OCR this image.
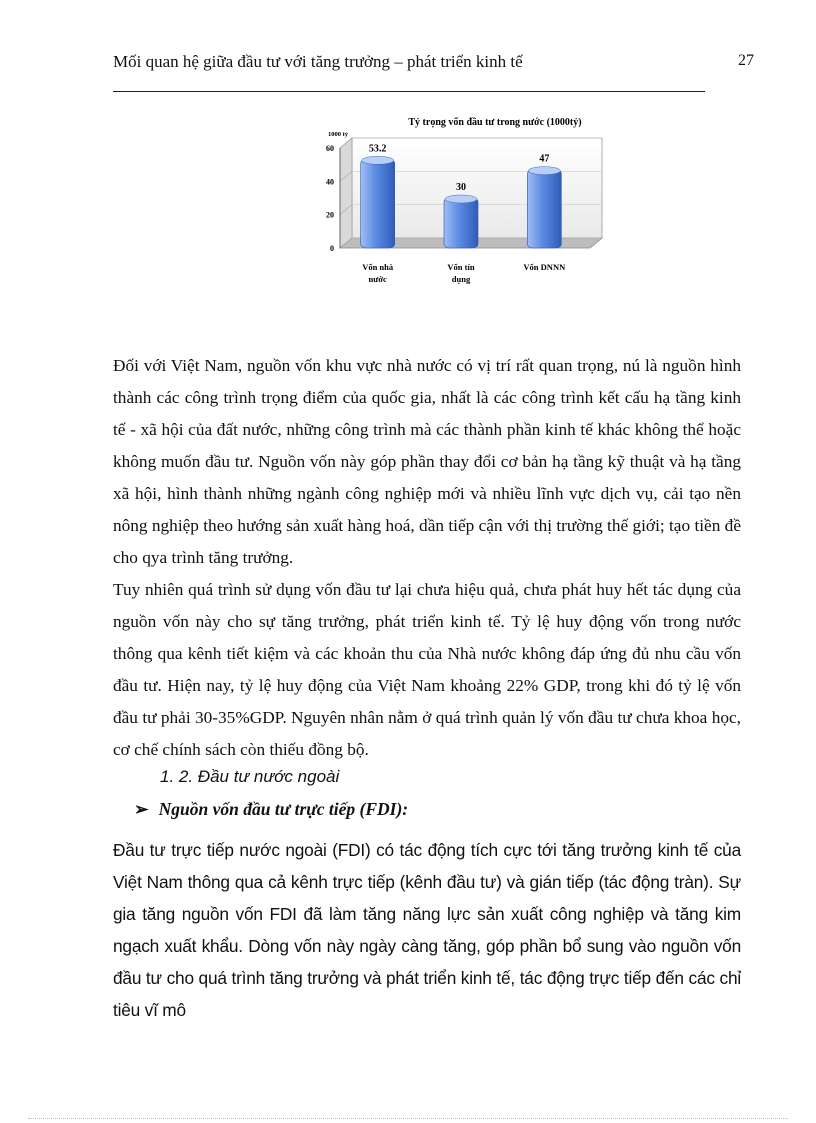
Mối quan hệ giữa đầu tư với tăng trưởng – phát triển kinh tế	27
Tỷ trọng vốn đầu tư trong nước (1000tỷ)
1000 tỷ
0
20
40
60	53.2
Vốn nhà nước
30
Vốn tín dụng
47
Vốn DNNN

Đối với Việt Nam, nguồn vốn khu vực nhà nước có vị trí rất quan trọng, nú là nguồn hình thành các công trình trọng điểm của quốc gia, nhất là các công trình kết cấu hạ tầng kinh tế - xã hội của đất nước, những công trình mà các thành phần kinh tế khác không thể hoặc không muốn đầu tư. Nguồn vốn này góp phần thay đổi cơ bản hạ tầng kỹ thuật và hạ tầng xã hội, hình thành những ngành công nghiệp mới và nhiều lĩnh vực dịch vụ, cải tạo nền nông nghiệp theo hướng sản xuất hàng hoá, dần tiếp cận với thị trường thế giới; tạo tiền đề cho qya trình tăng trưởng.

Tuy nhiên quá trình sử dụng vốn đầu tư lại chưa hiệu quả, chưa phát huy hết tác dụng của nguồn vốn này cho sự tăng trưởng, phát triển kinh tế. Tỷ lệ huy động vốn trong nước thông qua kênh tiết kiệm và các khoản thu của Nhà nước không đáp ứng đủ nhu cầu vốn đầu tư. Hiện nay, tỷ lệ huy động của Việt Nam khoảng 22% GDP, trong khi đó tỷ lệ vốn đầu tư phải 30-35%GDP. Nguyên nhân nằm ở quá trình quản lý vốn đầu tư chưa khoa học, cơ chế chính sách còn thiếu đồng bộ.

1. 2. Đầu tư nước ngoài
➢ Nguồn vốn đầu tư trực tiếp (FDI):

Đầu tư trực tiếp nước ngoài (FDI) có tác động tích cực tới tăng trưởng kinh tế của Việt Nam thông qua cả kênh trực tiếp (kênh đầu tư) và gián tiếp (tác động tràn). Sự gia tăng nguồn vốn FDI đã làm tăng năng lực sản xuất công nghiệp và tăng kim ngạch xuất khẩu. Dòng vốn này ngày càng tăng, góp phần bổ sung vào nguồn vốn đầu tư cho quá trình tăng trưởng và phát triển kinh tế, tác động trực tiếp đến các chỉ tiêu vĩ mô
